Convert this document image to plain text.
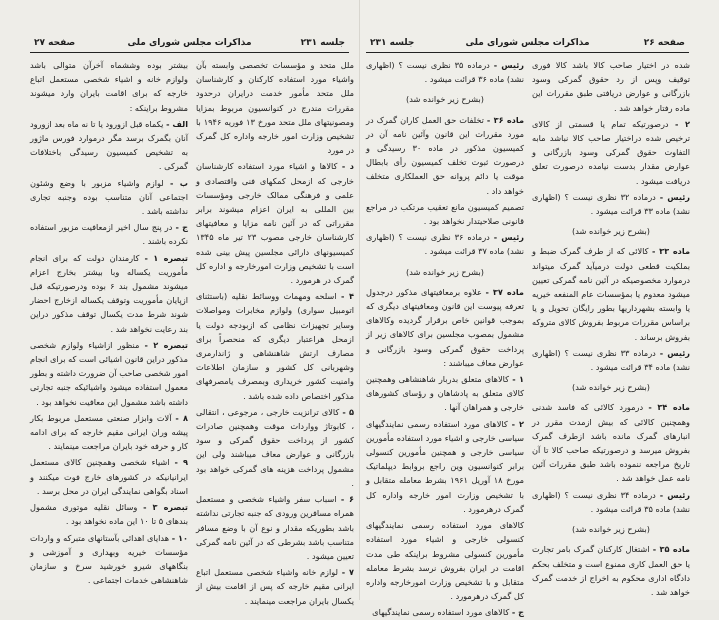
جلسه ۲۳۱
مذاکرات مجلس شورای ملی
صفحه ۲۷

ملل متحد و مؤسسات تخصصی وابسته بآن واشیاء مورد استفاده کارکنان و کارشناسان ملل متحد مأمور خدمت درایران درحدود مقررات مندرج در کنوانسیون مربوط بمزایا ومصونیتهای ملل متحد مورخ ۱۳ فوریه ۱۹۴۶ با تشخیص وزارت امور خارجه واداره کل گمرک در مورد

د - کالاها و اشیاء مورد استفاده کارشناسان خارجی که ازمحل کمکهای فنی واقتصادی و علمی و فرهنگی ممالک خارجی ومؤسسات بین المللی به ایران اعزام میشوند برابر مقرراتی که در آئین نامه مزایا و معافیتهای کارشناسان خارجی مصوب ۲۳ تیر ماه ۱۳۴۵ کمیسیونهای دارائی مجلسین پیش بینی شده است با تشخیص وزارت امورخارجه و اداره کل گمرک در هرمورد .

۴ - اسلحه ومهمات ووسائط نقلیه (باستثنای اتومبیل سواری) ولوازم مخابرات ومواصلات وسایر تجهیزات نظامی که ازبودجه دولت یا ازمحل هراعتبار دیگری که منحصراً برای مصارف ارتش شاهنشاهی و ژاندارمری وشهربانی کل کشور و سازمان اطلاعات وامنیت کشور خریداری وبمصرف یامصرفهای مذکور اختصاص داده شده باشد .

۵ - کالای ترانزیت خارجی ، مرجوعی ، انتقالی ، کابوتاژ وواردات موقت وهمچنین صادرات کشور از پرداخت حقوق گمرکی و سود بازرگانی و عوارض معاف میباشند ولی این مشمول پرداخت هزینه های گمرکی خواهد بود .

۶ - اسباب سفر واشیاء شخصی و مستعمل همراه مسافرین ورودی که جنبه تجارتی نداشته باشد بطوریکه مقدار و نوع آن با وضع مسافر متناسب باشد بشرطی که در آئین نامه گمرکی تعیین میشود .

۷ - لوازم خانه واشیاء شخصی مستعمل اتباع ایرانی مقیم خارجه که پس از اقامت بیش از یکسال بایران مراجعت مینمایند .

بیشتر بوده وششماه آخرآن متوالی باشد ولوازم خانه و اشیاء شخصی مستعمل اتباع خارجه که برای اقامت بایران وارد میشوند مشروط براینکه :

الف - یکماه قبل ازورود یا تا نه ماه بعد ازورود آنان بگمرک برسد مگر درموارد فورس ماژور به تشخیص کمیسیون رسیدگی باختلافات گمرکی .

ب - لوازم واشیاء مزبور با وضع وشئون اجتماعی آنان متناسب بوده وجنبه تجاری نداشته باشد .

ج - در پنج سال اخیر ازمعافیت مزبور استفاده نکرده باشند .

تبصره ۱ - کارمندان دولت که برای انجام مأموریت یکساله وبا بیشتر بخارج اعزام میشوند مشمول بند ۶ بوده ودرصورتیکه قبل ازپایان مأموریت وتوقف یکساله ازخارج احضار شوند شرط مدت یکسال توقف مذکور دراین بند رعایت نخواهد شد .

تبصره ۲ - منظور ازاشیاء ولوازم شخصی مذکور دراین قانون اشیائی است که برای انجام امور شخصی صاحب آن ضرورت داشته و بطور معمول استفاده میشود واشیائیکه جنبه تجارتی داشته باشد مشمول این معافیت نخواهد بود .

۸ - آلات وابزار صنعتی مستعمل مربوط بکار پیشه وران ایرانی مقیم خارجه که برای ادامه کار و حرفه خود بایران مراجعت مینمایند .

۹ - اشیاء شخصی وهمچنین کالای مستعمل ایرانیانیکه در کشورهای خارج فوت میکنند و اسناد بگواهی نمایندگی ایران در محل برسد .

تبصره ۳ - وسائل نقلیه موتوری مشمول بندهای ۵ تا ۱۰ این ماده نخواهد بود .

۱۰ - هدایای اهدائی بآستانهای متبرکه و واردات مؤسسات خیریه وبهداری و آموزشی و بنگاههای شیرو خورشید سرخ و سازمان شاهنشاهی خدمات اجتماعی .

صفحه ۲۶
مذاکرات مجلس شورای ملی
جلسه ۲۳۱

شده در اختیار صاحب کالا باشد کالا فوری توقیف وپس از رد حقوق گمرکی وسود بازرگانی و عوارض دریافتی طبق مقررات این ماده رفتار خواهد شد .

۲ - درصورتیکه تمام یا قسمتی از کالای ترخیص شده دراختیار صاحب کالا نباشد مابه التفاوت حقوق گمرکی وسود بازرگانی و عوارض مقدار بدست نیامده درصورت تعلق دریافت میشود .

رئیس - درماده ۳۲ نظری نیست ؟ (اظهاری نشد) ماده ۳۳ قرائت میشود .

(بشرح زیر خوانده شد)

ماده ۳۳ - کالائی که از طرف گمرک ضبط و بملکیت قطعی دولت درمیآید گمرک میتواند درموارد مخصوصیکه در آئین نامه گمرکی تعیین میشود معدوم یا بمؤسسات عام المنفعه خیریه یا وابسته بشهرداریها بطور رایگان تحویل و یا براساس مقررات مربوط بفروش کالای متروکه بفروش برساند .

رئیس - درماده ۳۳ نظری نیست ؟ (اظهاری نشد) ماده ۳۴ قرائت میشود .

(بشرح زیر خوانده شد)

ماده ۳۴ - درمورد کالائی که فاسد شدنی وهمچنین کالائی که بیش ازمدت مقرر در انبارهای گمرک مانده باشد ازطرف گمرک بفروش میرسد و درصورتیکه صاحب کالا تا آن تاریخ مراجعه ننموده باشد طبق مقررات آئین نامه عمل خواهد شد .

رئیس - درماده ۳۴ نظری نیست ؟ (اظهاری نشد) ماده ۳۵ قرائت میشود .

(بشرح زیر خوانده شد)

ماده ۳۵ - اشتغال کارکنان گمرک بامر تجارت یا حق العمل کاری ممنوع است و متخلف بحکم دادگاه اداری محکوم به اخراج از خدمت گمرک خواهد شد .

رئیس - درماده ۳۵ نظری نیست ؟ (اظهاری نشد) ماده ۳۶ قرائت میشود .

(بشرح زیر خوانده شد)

ماده ۳۶ - تخلفات حق العمل کاران گمرک در مورد مقررات این قانون وآئین نامه آن در کمیسیون مذکور در ماده ۳۰ رسیدگی و درصورت ثبوت تخلف کمیسیون رأی بابطال موقت یا دائم پروانه حق العملکاری متخلف خواهد داد .

تصمیم کمیسیون مانع تعقیب مرتکب در مراجع قانونی صلاحیتدار نخواهد بود .

رئیس - درماده ۳۶ نظری نیست ؟ (اظهاری نشد) ماده ۳۷ قرائت میشود .

(بشرح زیر خوانده شد)

ماده ۳۷ - علاوه برمعافیتهای مذکور درجدول تعرفه پیوست این قانون ومعافیتهای دیگری که بموجب قوانین خاص برقرار گردیده وکالاهای مشمول بمصوب مجلسین برای کالاهای زیر از پرداخت حقوق گمرکی وسود بازرگانی و عوارض معاف میباشند :

۱ - کالاهای متعلق بدربار شاهنشاهی وهمچنین کالای متعلق به پادشاهان و رؤسای کشورهای خارجی و همراهان آنها .

۲ - کالاهای مورد استفاده رسمی نمایندگیهای سیاسی خارجی و اشیاء مورد استفاده مأمورین سیاسی خارجی و همچنین مأمورین کنسولی برابر کنوانسیون وین راجع بروابط دیپلماتیک مورخ ۱۸ آوریل ۱۹۶۱ بشرط معامله متقابل و با تشخیص وزارت امور خارجه واداره کل گمرک درهرمورد .

کالاهای مورد استفاده رسمی نمایندگیهای کنسولی خارجی و اشیاء مورد استفاده مأمورین کنسولی مشروط براینکه طی مدت اقامت در ایران بفروش نرسد بشرط معامله متقابل و با تشخیص وزارت امورخارجه واداره کل گمرک درهرمورد .

ج - کالاهای مورد استفاده رسمی نمایندگیهای
